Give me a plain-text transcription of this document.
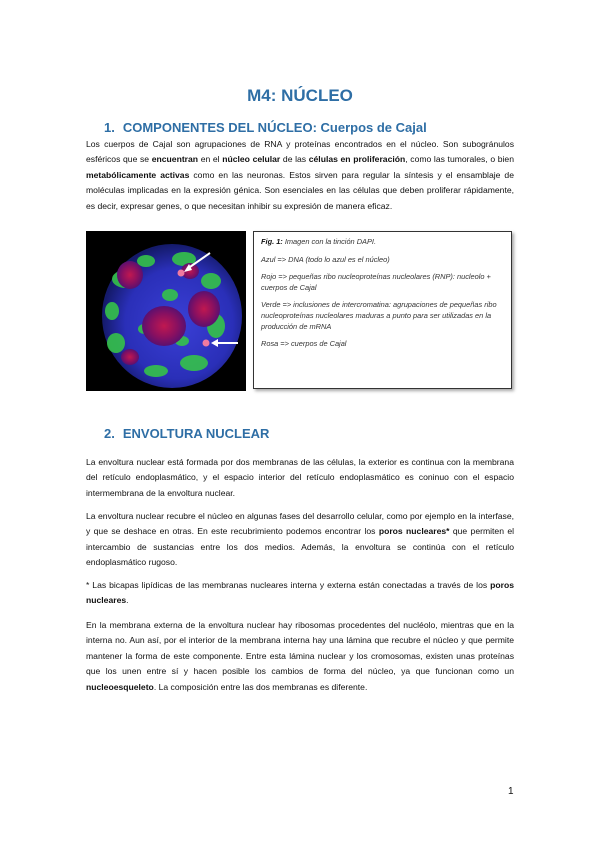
M4: NÚCLEO
1. COMPONENTES DEL NÚCLEO: Cuerpos de Cajal

Los cuerpos de Cajal son agrupaciones de RNA y proteínas encontrados en el núcleo. Son subogránulos esféricos que se encuentran en el núcleo celular de las células en proliferación, como las tumorales, o bien metabólicamente activas como en las neuronas. Estos sirven para regular la síntesis y el ensamblaje de moléculas implicadas en la expresión génica. Son esenciales en las células que deben proliferar rápidamente, es decir, expresar genes, o que necesitan inhibir su expresión de manera eficaz.

Fig. 1: Imagen con la tinción DAPI.

Azul => DNA (todo lo azul es el núcleo)

Rojo => pequeñas ribo nucleoproteínas nucleolares (RNP): nucleolo + cuerpos de Cajal

Verde => inclusiones de intercromatina: agrupaciones de pequeñas ribo nucleoproteínas nucleolares maduras a punto para ser utilizadas en la producción de mRNA

Rosa => cuerpos de Cajal

2. ENVOLTURA NUCLEAR

La envoltura nuclear está formada por dos membranas de las células, la exterior es continua con la membrana del retículo endoplasmático, y el espacio interior del retículo endoplasmático es coninuo con el espacio intermembrana de la envoltura nuclear.

La envoltura nuclear recubre el núcleo en algunas fases del desarrollo celular, como por ejemplo en la interfase, y que se deshace en otras. En este recubrimiento podemos encontrar los poros nucleares* que permiten el intercambio de sustancias entre los dos medios. Además, la envoltura se continúa con el retículo endoplasmático rugoso.

* Las bicapas lipídicas de las membranas nucleares interna y externa están conectadas a través de los poros nucleares.

En la membrana externa de la envoltura nuclear hay ribosomas procedentes del nucléolo, mientras que en la interna no. Aun así, por el interior de la membrana interna hay una lámina que recubre el núcleo y que permite mantener la forma de este componente. Entre esta lámina nuclear y los cromosomas, existen unas proteínas que los unen entre sí y hacen posible los cambios de forma del núcleo, ya que funcionan como un nucleoesqueleto. La composición entre las dos membranas es diferente.

1
